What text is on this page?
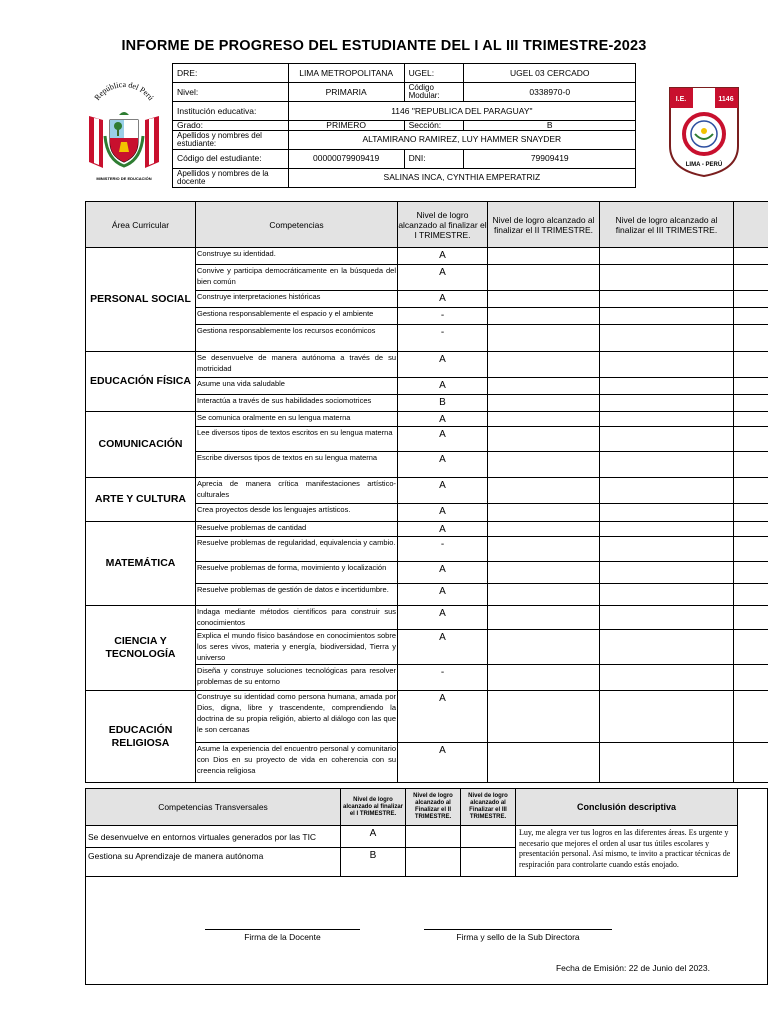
INFORME DE PROGRESO DEL ESTUDIANTE DEL I AL III TRIMESTRE-2023
República del Perú
MINISTERIO DE EDUCACIÓN
I.E.	1146
LIMA - PERÚ
DRE:	LIMA METROPOLITANA	UGEL:	UGEL 03 CERCADO
Nivel:	PRIMARIA	Código Modular:	0338970-0
Institución educativa:	1146 "REPUBLICA DEL PARAGUAY"		
Grado:	PRIMERO	Sección:	B
Apellidos y nombres del estudiante:	ALTAMIRANO RAMIREZ, LUY HAMMER SNAYDER		
Código del estudiante:	00000079909419	DNI:	79909419
Apellidos y nombres de la docente	SALINAS INCA, CYNTHIA EMPERATRIZ		
Área Curricular	Competencias	Nivel de logro alcanzado al finalizar el I TRIMESTRE.	Nivel de logro alcanzado al finalizar el II TRIMESTRE.	Nivel de logro alcanzado al finalizar el III TRIMESTRE.	
PERSONAL SOCIAL	Construye su identidad.	A			
	Convive y participa democráticamente en la búsqueda del bien común	A			
	Construye interpretaciones históricas	A			
	Gestiona responsablemente el espacio y el ambiente	-			
	Gestiona responsablemente los recursos económicos	-			
EDUCACIÓN FÍSICA	Se desenvuelve de manera autónoma a través de su motricidad	A			
	Asume una vida saludable	A			
	Interactúa a través de sus habilidades sociomotrices	B			
COMUNICACIÓN	Se comunica oralmente en su lengua materna	A			
	Lee diversos tipos de textos escritos en su lengua materna	A			
	Escribe diversos tipos de textos en su lengua materna	A			
ARTE Y CULTURA	Aprecia de manera crítica manifestaciones artístico-culturales	A			
	Crea proyectos desde los lenguajes artísticos.	A			
MATEMÁTICA	Resuelve problemas de cantidad	A			
	Resuelve problemas de regularidad, equivalencia y cambio.	-			
	Resuelve problemas de forma, movimiento y localización	A			
	Resuelve problemas de gestión de datos e incertidumbre.	A			
CIENCIA Y TECNOLOGÍA	Indaga mediante métodos científicos para construir sus conocimientos	A			
	Explica el mundo físico basándose en conocimientos sobre los seres vivos, materia y energía, biodiversidad, Tierra y universo	A			
	Diseña y construye soluciones tecnológicas para resolver problemas de su entorno	-			
EDUCACIÓN RELIGIOSA	Construye su identidad como persona humana, amada por Dios, digna, libre y trascendente, comprendiendo la doctrina de su propia religión, abierto al diálogo con las que le son cercanas	A			
	Asume la experiencia del encuentro personal y comunitario con Dios en su proyecto de vida en coherencia con su creencia religiosa	A			
Competencias Transversales	Nivel de logro alcanzado al finalizar el I TRIMESTRE.	Nivel de logro alcanzado al Finalizar el II TRIMESTRE.	Nivel de logro alcanzado al Finalizar el III TRIMESTRE.	Conclusión descriptiva
Se desenvuelve en entornos virtuales generados por las TIC	A			Luy, me alegra ver tus logros en las diferentes áreas. Es urgente y necesario que mejores el orden al usar tus útiles escolares y presentación personal. Así mismo, te invito a practicar técnicas de respiración para controlarte cuando estás enojado.
Gestiona su Aprendizaje de manera autónoma	B			
Firma de la Docente	Firma y sello de la Sub Directora
Fecha de Emisión: 22 de Junio del 2023.
